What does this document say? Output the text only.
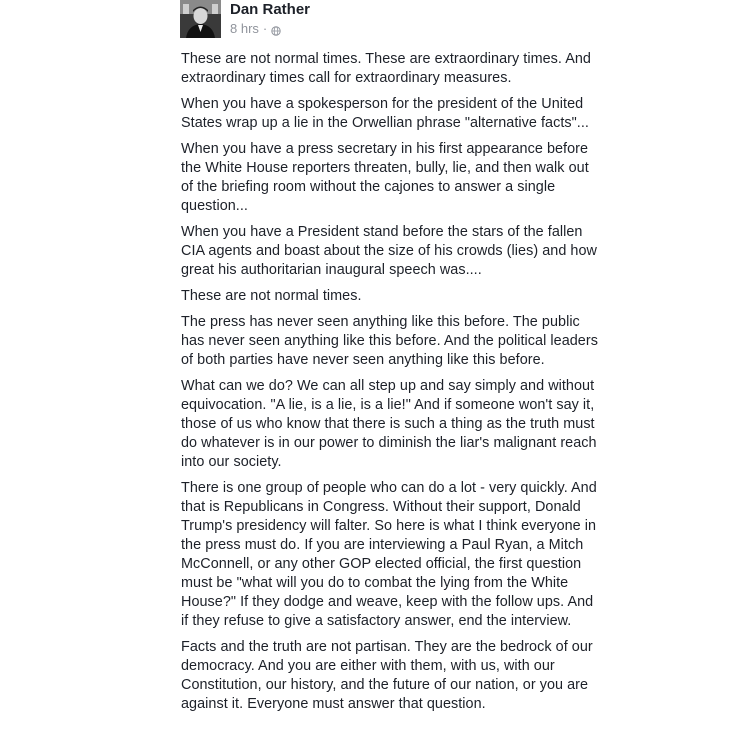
Dan Rather
8 hrs ·

These are not normal times. These are extraordinary times. And extraordinary times call for extraordinary measures.

When you have a spokesperson for the president of the United States wrap up a lie in the Orwellian phrase "alternative facts"...

When you have a press secretary in his first appearance before the White House reporters threaten, bully, lie, and then walk out of the briefing room without the cajones to answer a single question...

When you have a President stand before the stars of the fallen CIA agents and boast about the size of his crowds (lies) and how great his authoritarian inaugural speech was....

These are not normal times.

The press has never seen anything like this before. The public has never seen anything like this before. And the political leaders of both parties have never seen anything like this before.

What can we do? We can all step up and say simply and without equivocation. "A lie, is a lie, is a lie!" And if someone won't say it, those of us who know that there is such a thing as the truth must do whatever is in our power to diminish the liar's malignant reach into our society.

There is one group of people who can do a lot - very quickly. And that is Republicans in Congress. Without their support, Donald Trump's presidency will falter. So here is what I think everyone in the press must do. If you are interviewing a Paul Ryan, a Mitch McConnell, or any other GOP elected official, the first question must be "what will you do to combat the lying from the White House?" If they dodge and weave, keep with the follow ups. And if they refuse to give a satisfactory answer, end the interview.

Facts and the truth are not partisan. They are the bedrock of our democracy. And you are either with them, with us, with our Constitution, our history, and the future of our nation, or you are against it. Everyone must answer that question.
